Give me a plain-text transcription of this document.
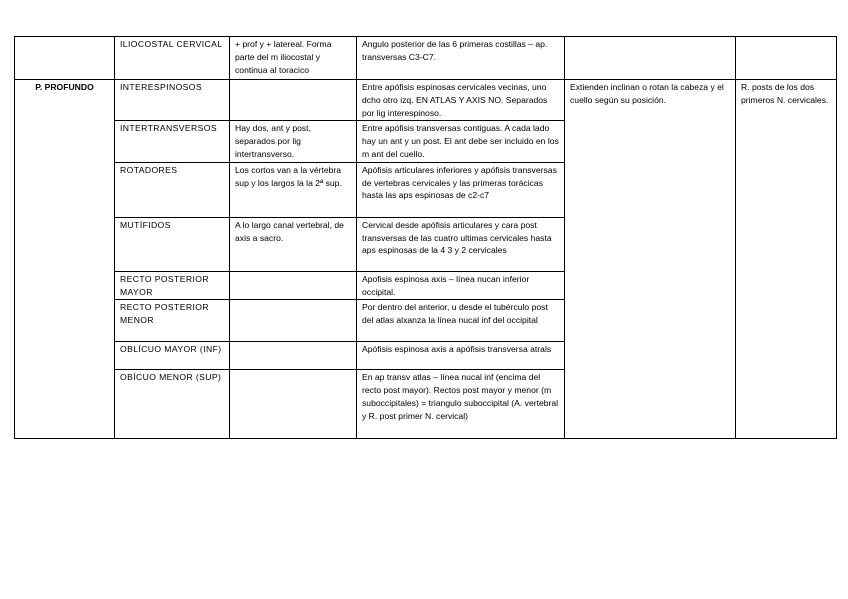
	ILIOCOSTAL CERVICAL	+ prof y + latereal. Forma parte del m iliocostal y continua al toracico	Angulo posterior de las 6 primeras costillas – ap. transversas C3-C7.		

P. PROFUNDO	INTERESPINOSOS		Entre apófisis espinosas cervicales vecinas, uno dcho otro izq. EN ATLAS Y AXIS NO. Separados por lig interespinoso.	Extienden inclinan o rotan la cabeza y el cuello según su posición.	R. posts de los dos primeros N. cervicales.
	INTERTRANSVERSOS	Hay dos, ant y post, separados por lig intertransverso.	Entre apófisis transversas contiguas. A cada lado hay un ant y un post. El ant debe ser incluido en los m ant del cuello.		
	ROTADORES	Los cortos van a la vértebra sup y los largos la la 2ª sup.	Apófisis articulares inferiores y apófisis transversas de vertebras cervicales y las primeras torácicas hasta las aps espinosas de c2-c7		
	MUTÍFIDOS	A lo largo canal vertebral, de axis a sacro.	Cervical desde apófisis articulares y cara post transversas de las cuatro ultimas cervicales hasta aps espinosas de la 4 3 y 2 cervicales		
	RECTO POSTERIOR MAYOR		Apofisis espinosa axis – línea nucan inferior occipital.		
	RECTO POSTERIOR MENOR		Por dentro del anterior, u desde el tubérculo post del atlas alxanza la línea nucal inf del occipital		
	OBLÍCUO MAYOR (INF)		Apófisis espinosa axis a apófisis transversa atrals		
	OBÍCUO MENOR (SUP)		En ap transv atlas – línea nucal inf (encima del recto post mayor). Rectos post mayor y menor (m suboccipitales) = triangulo suboccipital (A. vertebral y R. post primer N. cervical)		
